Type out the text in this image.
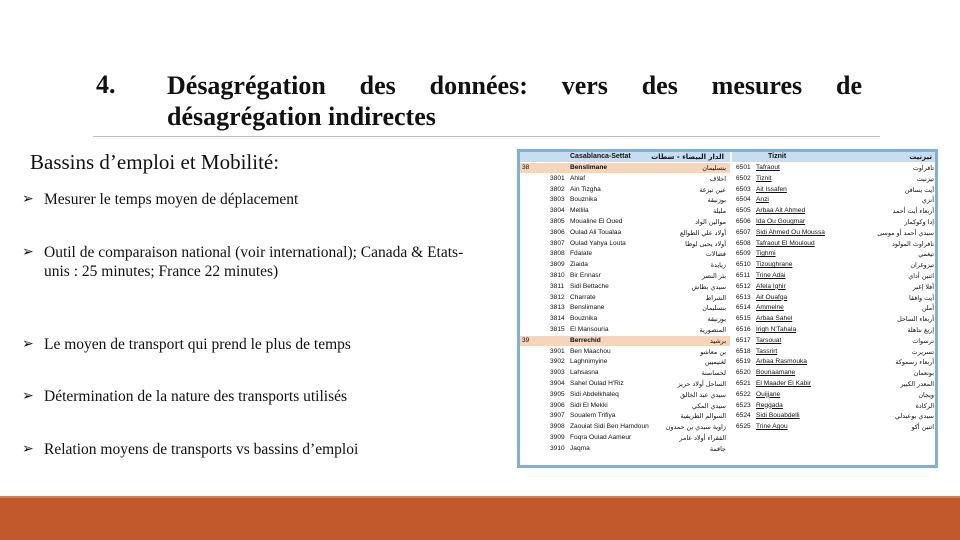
4. Désagrégation des données: vers des mesures de
désagrégation indirectes
Bassins d’emploi et Mobilité:
➢ Mesurer le temps moyen de déplacement
➢ Outil de comparaison national (voir international); Canada & Etats-unis : 25 minutes; France 22 minutes)
➢ Le moyen de transport qui prend le plus de temps
➢ Détermination de la nature des transports utilisés
➢ Relation moyens de transports vs bassins d’emploi
Casablanca-Settat	الدار البيضاء - سطات
38	Benslimane	بنسليمان
3801 Ahlaf	احلاف
3802 Ain Tizgha	عين تيزغة
3803 Bouznika	بوزنيقة
3804 Mellila	مليلة
3805 Moualine El Oued	موالين الواد
3806 Oulad Ali Toualaa	أولاد علي الطوالع
3807 Oulad Yahya Louta	أولاد يحيى لوطا
3808 Fdalate	فضالات
3809 Ziaida	زيايدة
3810 Bir Ennasr	بئر النصر
3811 Sidi Bettache	سيدي بطاش
3812 Charrate	الشراط
3813 Benslimane	بنسليمان
3814 Bouznika	بوزنيقة
3815 El Mansouria	المنصورية
39	Berrechid	برشيد
3901 Ben Maachou	بن معاشو
3902 Laghnimyine	لغنيميين
3903 Lahsasna	لحساسنة
3904 Sahel Oulad H'Riz	الساحل أولاد حريز
3905 Sidi Abdelkhaleq	سيدي عبد الخالق
3906 Sidi El Mekki	سيدي المكي
3907 Soualem Trifiya	السوالم الطريفية
3908 Zaouiat Sidi Ben Hamdoun	زاوية سيدي بن حمدون
3909 Foqra Oulad Aameur	الفقراء أولاد عامر
3910 Jaqma	جاقمة
Tiznit	تيزنيت
6501 Tafraout	تافراوت
6502 Tiznit	تيزنيت
6503 Ait Issafen	أيت يسافن
6504 Anzi	أنزي
6505 Arbaa Ait Ahmed	أربعاء أيت أحمد
6506 Ida Ou Gougmar	إدا وكوكمار
6507 Sidi Ahmed Ou Moussa	سيدي أحمد أو موسى
6508 Tafraout El Mouloud	تافراوت المولود
6509 Tighmi	تيغمي
6510 Tizoughrane	تيزوغران
6511 Trine Adai	اثنين أداي
6512 Afela Ighir	أفلا إغير
6513 Ait Ouafqa	أيت وافقا
6514 Ammelne	أملن
6515 Arbaa Sahel	أربعاء الساحل
6516 Irigh N'Tahala	إريغ نتاهلة
6517 Tarsouat	ترسوات
6518 Tassrirt	تسريرت
6519 Arbaa Rasmouka	أربعاء رسموكة
6520 Bounaamane	بونعمان
6521 El Maader El Kabir	المعدر الكبير
6522 Ouijjane	ويجان
6523 Reggada	الركادة
6524 Sidi Bouabdelli	سيدي بوعبدلي
6525 Trine Agou	اثنين أكو
